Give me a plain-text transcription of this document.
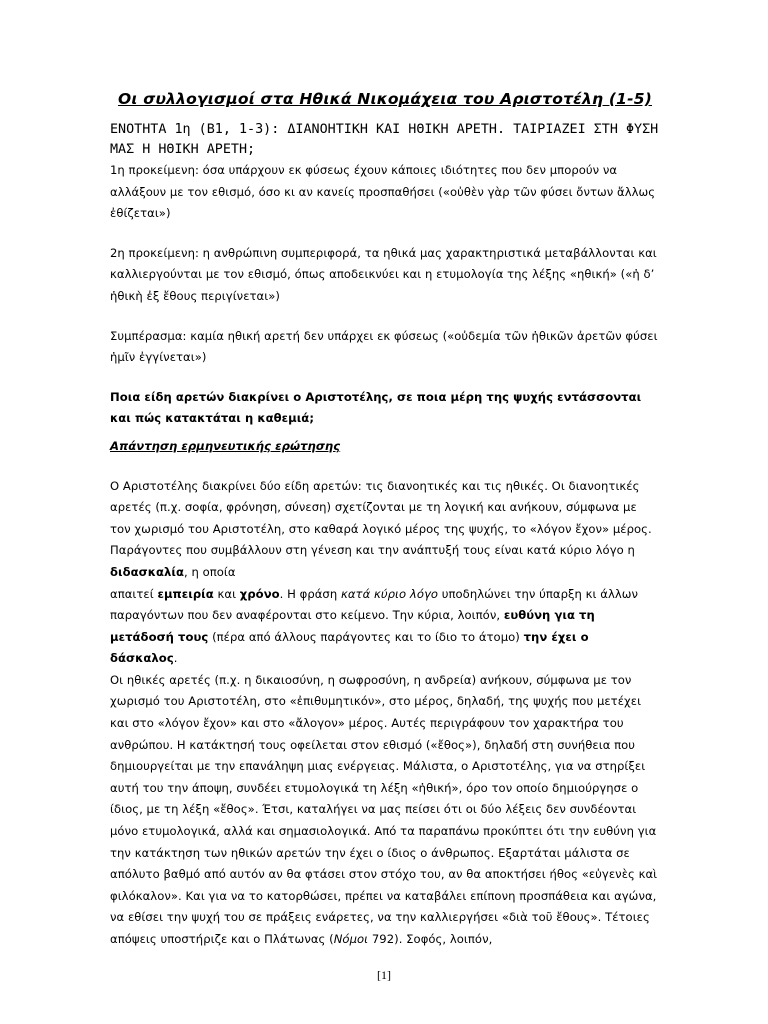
Οι συλλογισμοί στα Ηθικά Νικομάχεια του Αριστοτέλη (1-5)
ΕΝΟΤΗΤΑ 1η (Β1, 1-3): ΔΙΑΝΟΗΤΙΚΗ ΚΑΙ ΗΘΙΚΗ ΑΡΕΤΗ. ΤΑΙΡΙΑΖΕΙ ΣΤΗ ΦΥΣΗ ΜΑΣ Η ΗΘΙΚΗ ΑΡΕΤΗ;

1η προκείμενη: όσα υπάρχουν εκ φύσεως έχουν κάποιες ιδιότητες που δεν μπορούν να αλλάξουν με τον εθισμό, όσο κι αν κανείς προσπαθήσει («οὐθὲν γὰρ τῶν φύσει ὄντων ἄλλως ἐθίζεται»)

2η προκείμενη: η ανθρώπινη συμπεριφορά, τα ηθικά μας χαρακτηριστικά μεταβάλλονται και καλλιεργούνται με τον εθισμό, όπως αποδεικνύει και η ετυμολογία της λέξης «ηθική» («ἡ δ’ ἠθικὴ ἐξ ἔθους περιγίνεται»)

Συμπέρασμα: καμία ηθική αρετή δεν υπάρχει εκ φύσεως («οὐδεμία τῶν ἠθικῶν ἀρετῶν φύσει ἡμῖν ἐγγίνεται»)

Ποια είδη αρετών διακρίνει ο Αριστοτέλης, σε ποια μέρη της ψυχής εντάσσονται και πώς κατακτάται η καθεμιά;

Απάντηση ερμηνευτικής ερώτησης

Ο Αριστοτέλης διακρίνει δύο είδη αρετών: τις διανοητικές και τις ηθικές. Οι διανοητικές αρετές (π.χ. σοφία, φρόνηση, σύνεση) σχετίζονται με τη λογική και ανήκουν, σύμφωνα με τον χωρισμό του Αριστοτέλη, στο καθαρά λογικό μέρος της ψυχής, το «λόγον ἔχον» μέρος. Παράγοντες που συμβάλλουν στη γένεση και την ανάπτυξή τους είναι κατά κύριο λόγο η διδασκαλία, η οποία
απαιτεί εμπειρία και χρόνο. Η φράση κατά κύριο λόγο υποδηλώνει την ύπαρξη κι άλλων παραγόντων που δεν αναφέρονται στο κείμενο. Την κύρια, λοιπόν, ευθύνη για τη μετάδοσή τους (πέρα από άλλους παράγοντες και το ίδιο το άτομο) την έχει ο δάσκαλος.

Οι ηθικές αρετές (π.χ. η δικαιοσύνη, η σωφροσύνη, η ανδρεία) ανήκουν, σύμφωνα με τον χωρισμό του Αριστοτέλη, στο «ἐπιθυμητικόν», στο μέρος, δηλαδή, της ψυχής που μετέχει και στο «λόγον ἔχον» και στο «ἄλογον» μέρος. Αυτές περιγράφουν τον χαρακτήρα του ανθρώπου. Η κατάκτησή τους οφείλεται στον εθισμό («ἔθος»), δηλαδή στη συνήθεια που δημιουργείται με την επανάληψη μιας ενέργειας. Μάλιστα, ο Αριστοτέλης, για να στηρίξει αυτή του την άποψη, συνδέει ετυμολογικά τη λέξη «ἠθική», όρο τον οποίο δημιούργησε ο ίδιος, με τη λέξη «ἔθος». Έτσι, καταλήγει να μας πείσει ότι οι δύο λέξεις δεν συνδέονται μόνο ετυμολογικά, αλλά και σημασιολογικά. Από τα παραπάνω προκύπτει ότι την ευθύνη για την κατάκτηση των ηθικών αρετών την έχει ο ίδιος ο άνθρωπος. Εξαρτάται μάλιστα σε απόλυτο βαθμό από αυτόν αν θα φτάσει στον στόχο του, αν θα αποκτήσει ήθος «εὐγενὲς καὶ φιλόκαλον». Και για να το κατορθώσει, πρέπει να καταβάλει επίπονη προσπάθεια και αγώνα, να εθίσει την ψυχή του σε πράξεις ενάρετες, να την καλλιεργήσει «διὰ τοῦ ἔθους». Τέτοιες απόψεις υποστήριζε και ο Πλάτωνας (Νόμοι 792). Σοφός, λοιπόν,

[1]
